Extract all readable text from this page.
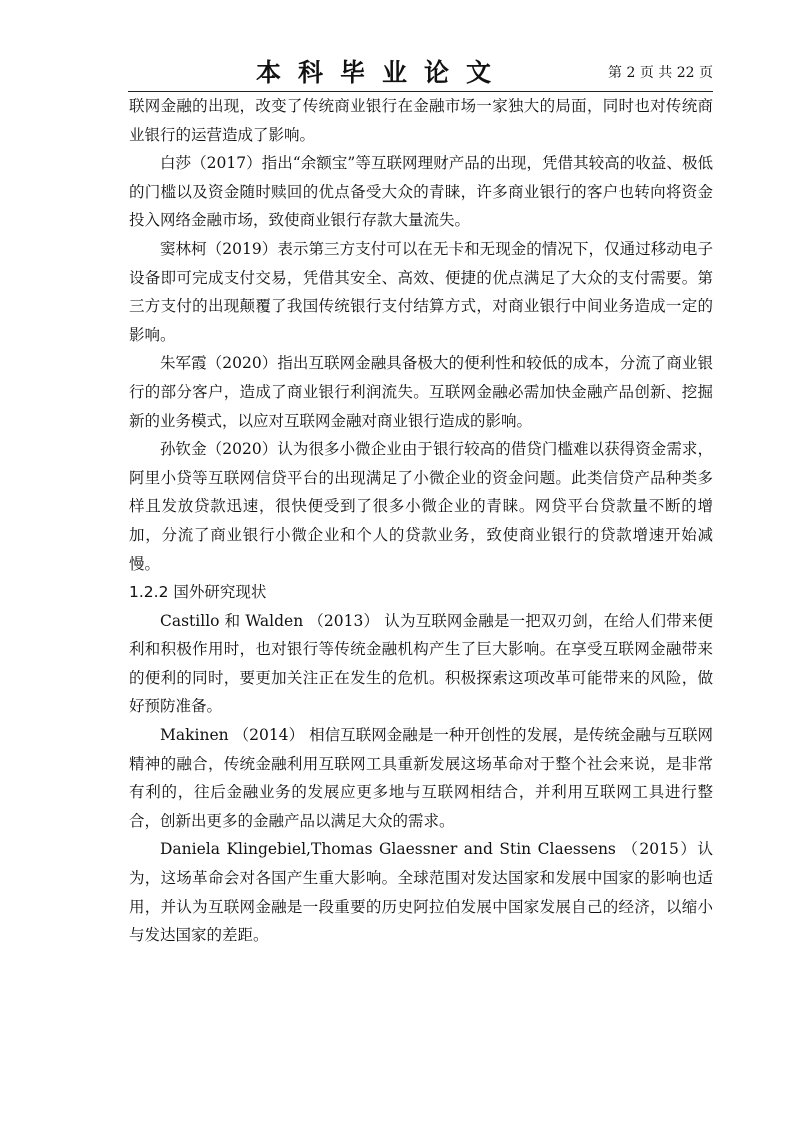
本科毕业论文	第 2 页 共 22 页

联网金融的出现，改变了传统商业银行在金融市场一家独大的局面，同时也对传统商业银行的运营造成了影响。

白莎（2017）指出“余额宝”等互联网理财产品的出现，凭借其较高的收益、极低的门槛以及资金随时赎回的优点备受大众的青睐，许多商业银行的客户也转向将资金投入网络金融市场，致使商业银行存款大量流失。

窦林柯（2019）表示第三方支付可以在无卡和无现金的情况下，仅通过移动电子设备即可完成支付交易，凭借其安全、高效、便捷的优点满足了大众的支付需要。第三方支付的出现颠覆了我国传统银行支付结算方式，对商业银行中间业务造成一定的影响。

朱军霞（2020）指出互联网金融具备极大的便利性和较低的成本，分流了商业银行的部分客户，造成了商业银行利润流失。互联网金融必需加快金融产品创新、挖掘新的业务模式，以应对互联网金融对商业银行造成的影响。

孙钦金（2020）认为很多小微企业由于银行较高的借贷门槛难以获得资金需求，阿里小贷等互联网信贷平台的出现满足了小微企业的资金问题。此类信贷产品种类多样且发放贷款迅速，很快便受到了很多小微企业的青睐。网贷平台贷款量不断的增加，分流了商业银行小微企业和个人的贷款业务，致使商业银行的贷款增速开始减慢。

1.2.2 国外研究现状

Castillo 和 Walden （2013） 认为互联网金融是一把双刃剑，在给人们带来便利和积极作用时，也对银行等传统金融机构产生了巨大影响。在享受互联网金融带来的便利的同时，要更加关注正在发生的危机。积极探索这项改革可能带来的风险，做好预防准备。

Makinen （2014） 相信互联网金融是一种开创性的发展，是传统金融与互联网精神的融合，传统金融利用互联网工具重新发展这场革命对于整个社会来说，是非常有利的，往后金融业务的发展应更多地与互联网相结合，并利用互联网工具进行整合，创新出更多的金融产品以满足大众的需求。

Daniela Klingebiel,Thomas Glaessner and Stin Claessens （2015）认为，这场革命会对各国产生重大影响。全球范围对发达国家和发展中国家的影响也适用，并认为互联网金融是一段重要的历史阿拉伯发展中国家发展自己的经济，以缩小与发达国家的差距。
